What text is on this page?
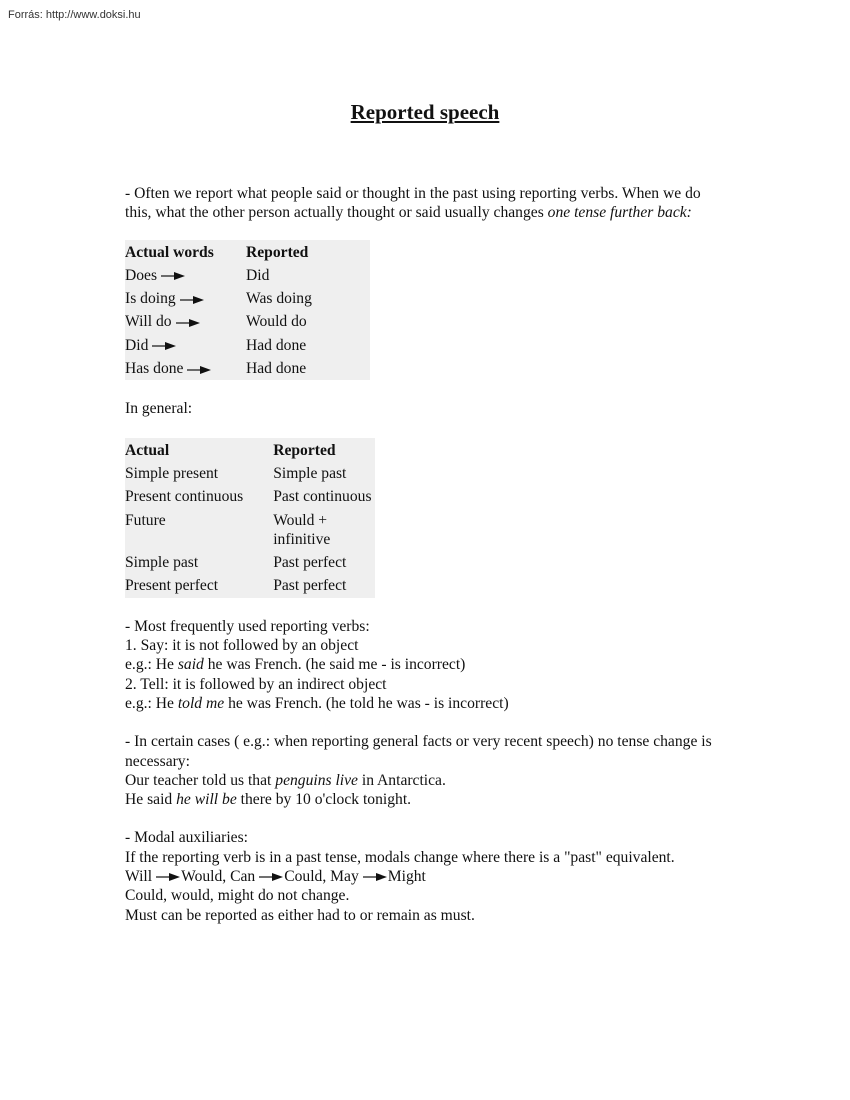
Forrás: http://www.doksi.hu
Reported speech

- Often we report what people said or thought in the past using reporting verbs. When we do this, what the other person actually thought or said usually changes one tense further back:

Actual words	Reported
Does	Did
Is doing	Was doing
Will do	Would do
Did	Had done
Has done	Had done

In general:

Actual	Reported
Simple present	Simple past
Present continuous	Past continuous
Future	Would + infinitive
Simple past	Past perfect
Present perfect	Past perfect

- Most frequently used reporting verbs:

1. Say: it is not followed by an object

e.g.: He said he was French. (he said me - is incorrect)

2. Tell: it is followed by an indirect object

e.g.: He told me he was French. (he told he was - is incorrect)

- In certain cases ( e.g.: when reporting general facts or very recent speech) no tense change is necessary:

Our teacher told us that penguins live in Antarctica.

He said he will be there by 10 o'clock tonight.

- Modal auxiliaries:

If the reporting verb is in a past tense, modals change where there is a "past" equivalent.

Will Would, Can Could, May Might

Could, would, might do not change.

Must can be reported as either had to or remain as must.
